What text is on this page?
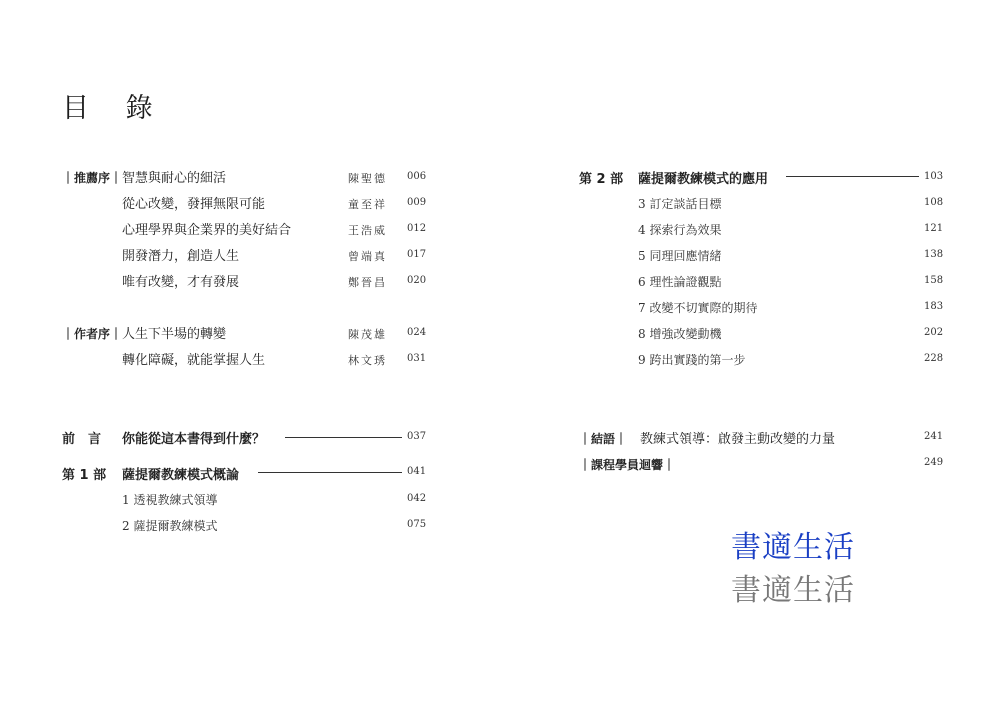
目 錄
｜推薦序｜ 智慧與耐心的細活	陳聖德 006
從心改變，發揮無限可能	童至祥 009
心理學界與企業界的美好結合	王浩威 012
開發潛力，創造人生	曾端真 017
唯有改變，才有發展	鄭晉昌 020
｜作者序｜ 人生下半場的轉變	陳茂雄 024
轉化障礙，就能掌握人生	林文琇 031
前　言 你能從這本書得到什麼？	037
第 1 部 薩提爾教練模式概論	041
1 透視教練式領導	042
2 薩提爾教練模式	075
第 2 部 薩提爾教練模式的應用	103
3 訂定談話目標	108
4 探索行為效果	121
5 同理回應情緒	138
6 理性論證觀點	158
7 改變不切實際的期待	183
8 增強改變動機	202
9 跨出實踐的第一步	228
｜結語｜ 教練式領導：啟發主動改變的力量	241
｜課程學員迴響｜	249
書適生活
書適生活
